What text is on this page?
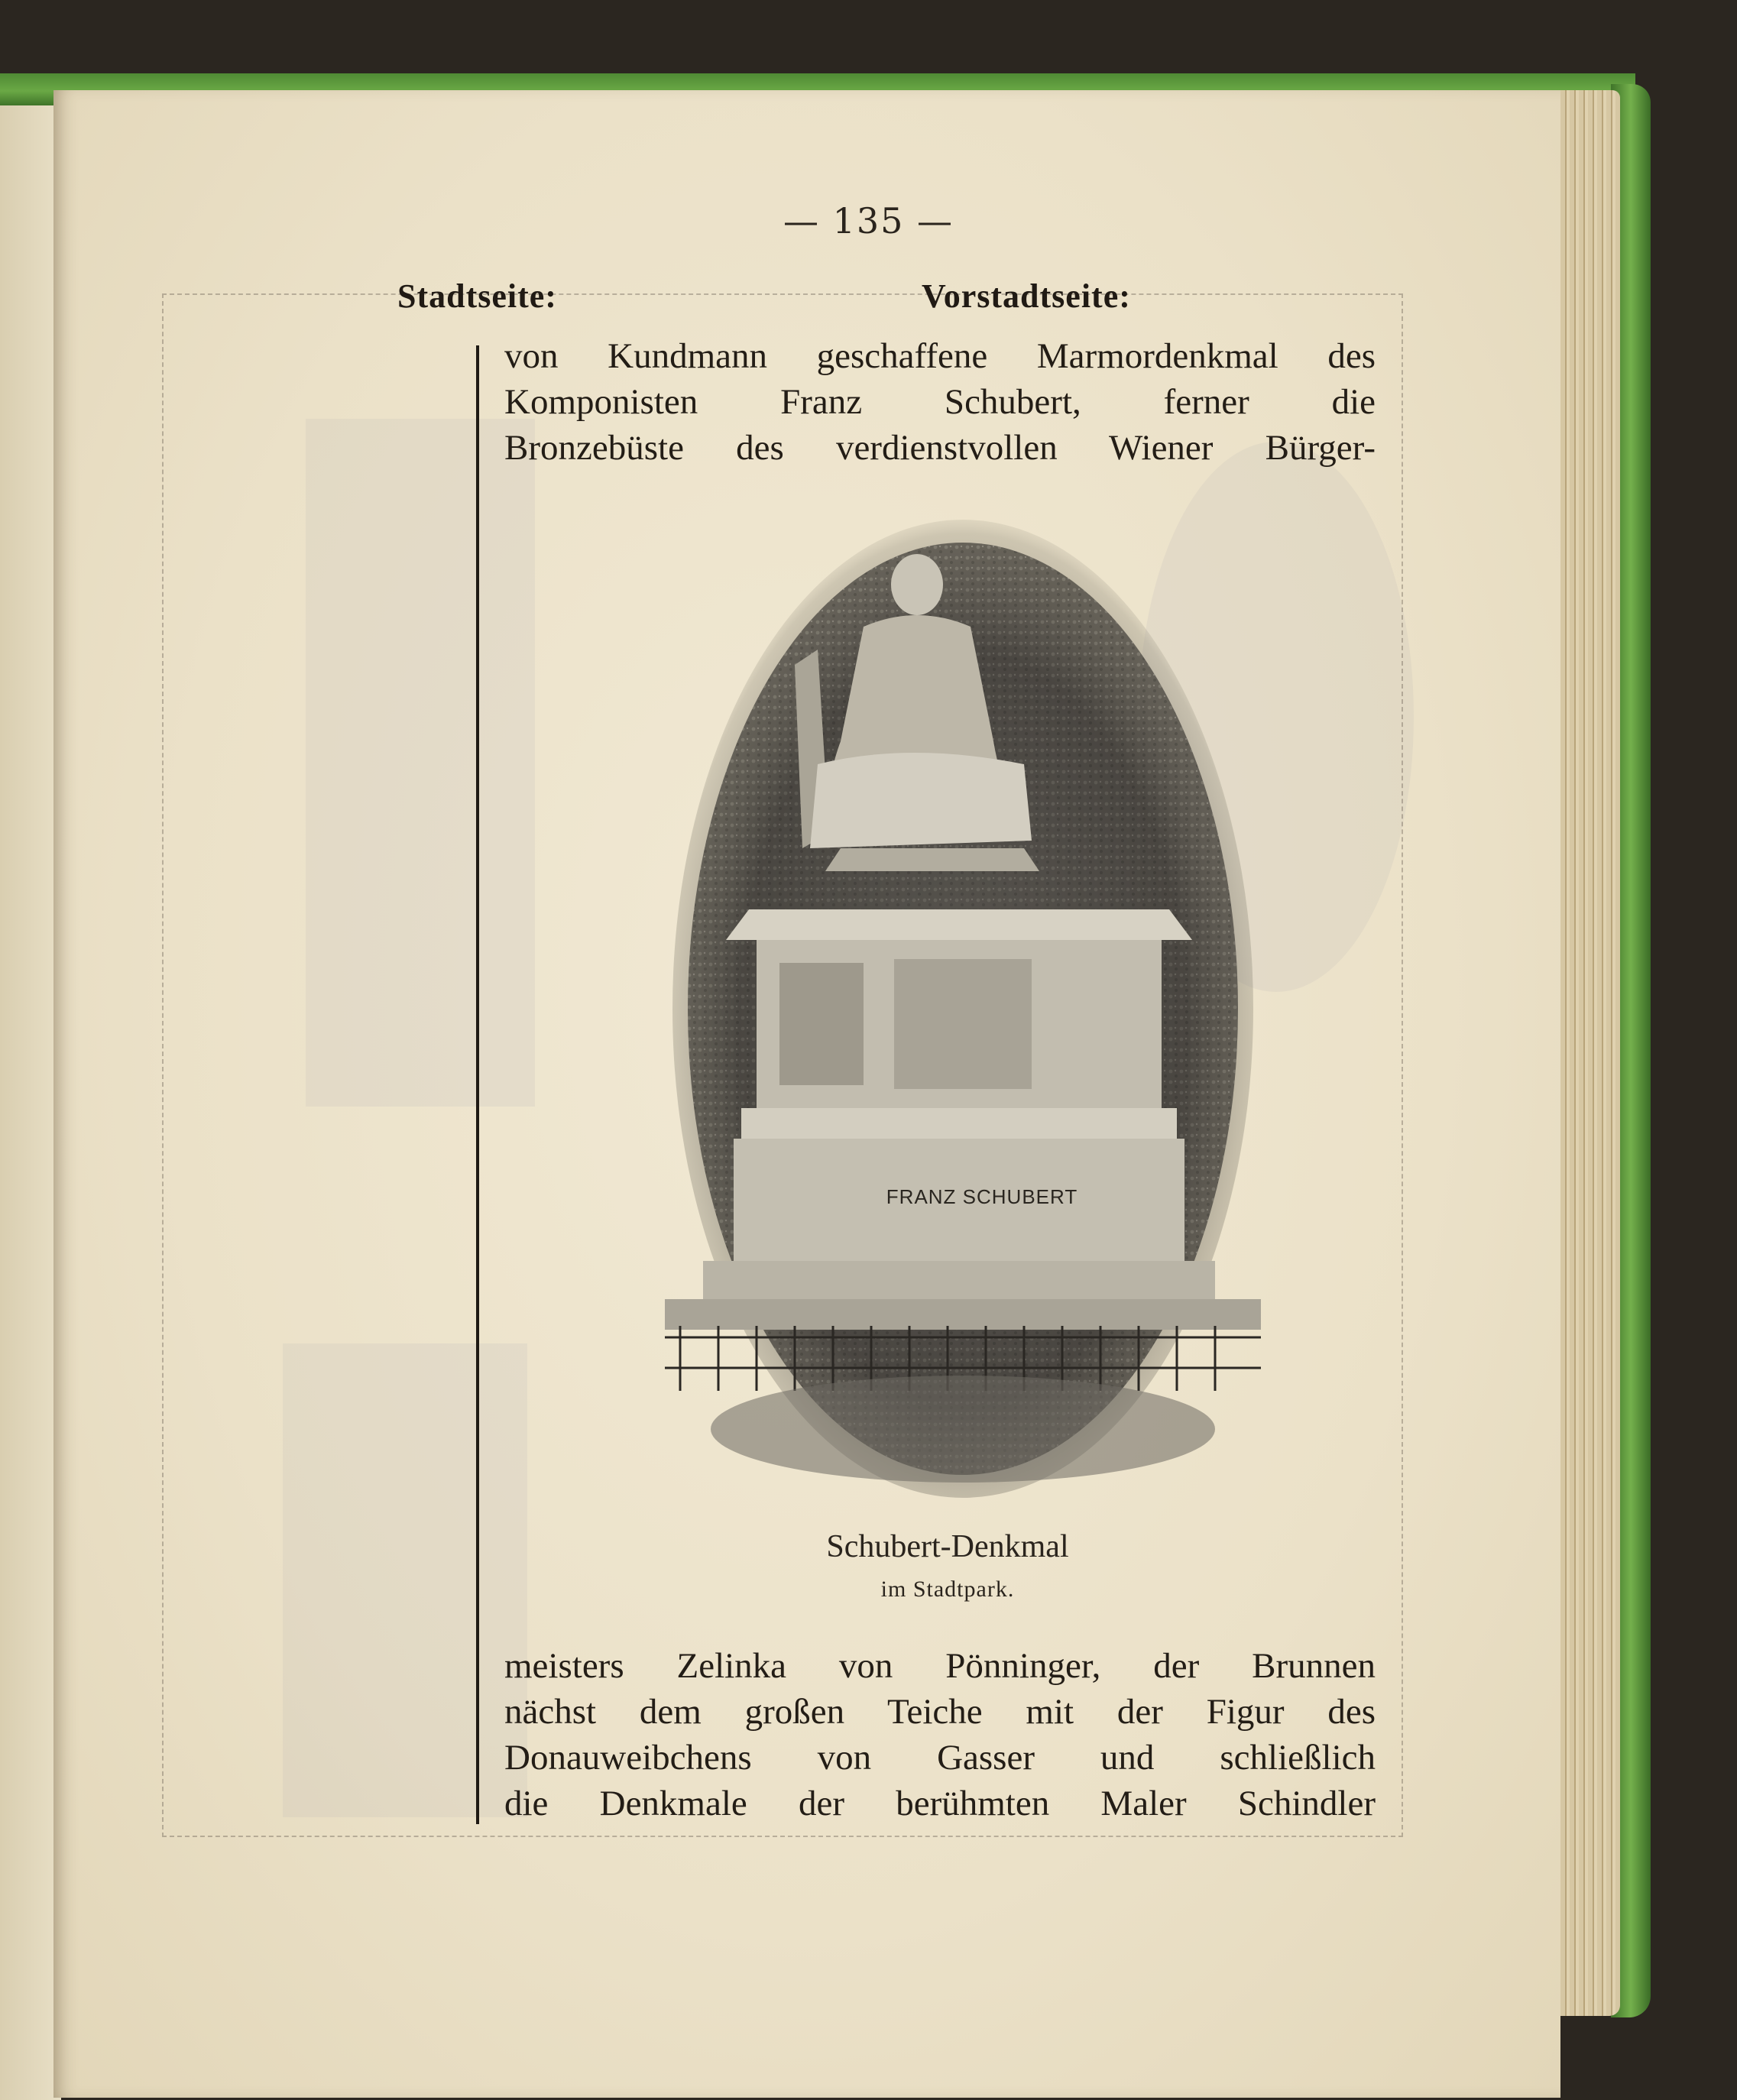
— 135 —
Stadtseite:	Vorstadtseite:

von Kundmann geschaffene Marmordenkmal des

Komponisten Franz Schubert, ferner die

Bronzebüste des verdienstvollen Wiener Bürger-

FRANZ SCHUBERT
Schubert-Denkmal
im Stadtpark.

meisters Zelinka von Pönninger, der Brunnen

nächst dem großen Teiche mit der Figur des

Donauweibchens von Gasser und schließlich

die Denkmale der berühmten Maler Schindler
